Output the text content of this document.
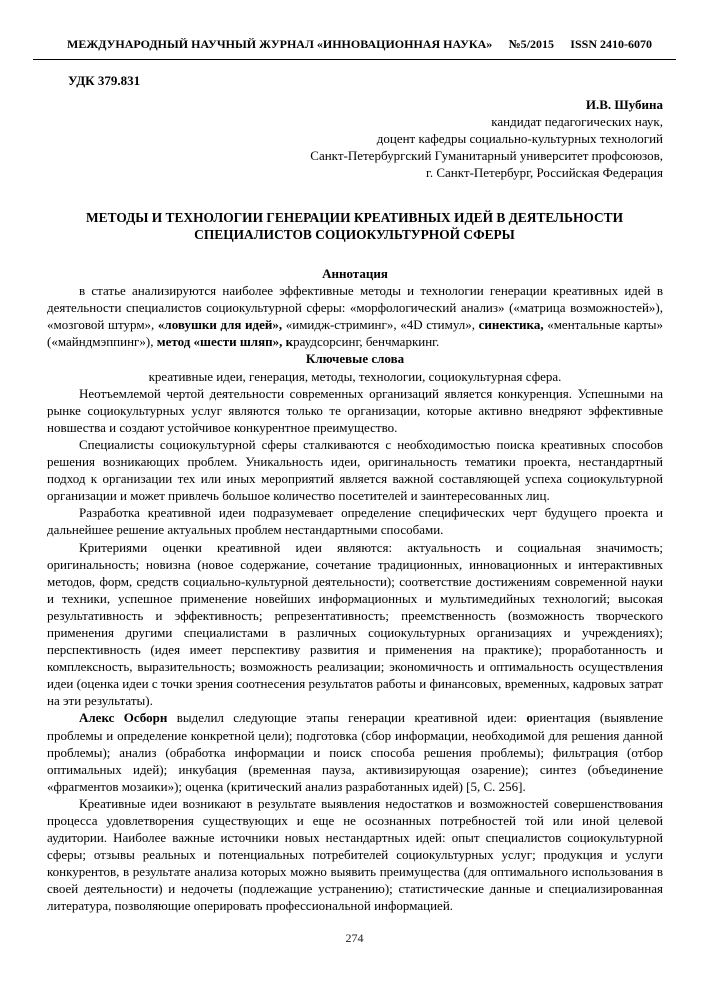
МЕЖДУНАРОДНЫЙ НАУЧНЫЙ ЖУРНАЛ «ИННОВАЦИОННАЯ НАУКА» №5/2015 ISSN 2410-6070
УДК 379.831
И.В. Шубина
кандидат педагогических наук,
доцент кафедры социально-культурных технологий
Санкт-Петербургский Гуманитарный университет профсоюзов,
г. Санкт-Петербург, Российская Федерация
МЕТОДЫ И ТЕХНОЛОГИИ ГЕНЕРАЦИИ КРЕАТИВНЫХ ИДЕЙ В ДЕЯТЕЛЬНОСТИ СПЕЦИАЛИСТОВ СОЦИОКУЛЬТУРНОЙ СФЕРЫ
Аннотация
в статье анализируются наиболее эффективные методы и технологии генерации креативных идей в деятельности специалистов социокультурной сферы: «морфологический анализ» («матрица возможностей»), «мозговой штурм», «ловушки для идей», «имидж-стриминг», «4D стимул», синектика, «ментальные карты» («майндмэппинг»), метод «шести шляп», краудсорсинг, бенчмаркинг.
Ключевые слова
креативные идеи, генерация, методы, технологии, социокультурная сфера.
Неотъемлемой чертой деятельности современных организаций является конкуренция. Успешными на рынке социокультурных услуг являются только те организации, которые активно внедряют эффективные новшества и создают устойчивое конкурентное преимущество.
Специалисты социокультурной сферы сталкиваются с необходимостью поиска креативных способов решения возникающих проблем. Уникальность идеи, оригинальность тематики проекта, нестандартный подход к организации тех или иных мероприятий является важной составляющей успеха социокультурной организации и может привлечь большое количество посетителей и заинтересованных лиц.
Разработка креативной идеи подразумевает определение специфических черт будущего проекта и дальнейшее решение актуальных проблем нестандартными способами.
Критериями оценки креативной идеи являются: актуальность и социальная значимость; оригинальность; новизна (новое содержание, сочетание традиционных, инновационных и интерактивных методов, форм, средств социально-культурной деятельности); соответствие достижениям современной науки и техники, успешное применение новейших информационных и мультимедийных технологий; высокая результативность и эффективность; репрезентативность; преемственность (возможность творческого применения другими специалистами в различных социокультурных организациях и учреждениях); перспективность (идея имеет перспективу развития и применения на практике); проработанность и комплексность, выразительность; возможность реализации; экономичность и оптимальность осуществления идеи (оценка идеи с точки зрения соотнесения результатов работы и финансовых, временных, кадровых затрат на эти результаты).
Алекс Осборн выделил следующие этапы генерации креативной идеи: ориентация (выявление проблемы и определение конкретной цели); подготовка (сбор информации, необходимой для решения данной проблемы); анализ (обработка информации и поиск способа решения проблемы); фильтрация (отбор оптимальных идей); инкубация (временная пауза, активизирующая озарение); синтез (объединение «фрагментов мозаики»); оценка (критический анализ разработанных идей) [5, С. 256].
Креативные идеи возникают в результате выявления недостатков и возможностей совершенствования процесса удовлетворения существующих и еще не осознанных потребностей той или иной целевой аудитории. Наиболее важные источники новых нестандартных идей: опыт специалистов социокультурной сферы; отзывы реальных и потенциальных потребителей социокультурных услуг; продукция и услуги конкурентов, в результате анализа которых можно выявить преимущества (для оптимального использования в своей деятельности) и недочеты (подлежащие устранению); статистические данные и специализированная литература, позволяющие оперировать профессиональной информацией.
274
